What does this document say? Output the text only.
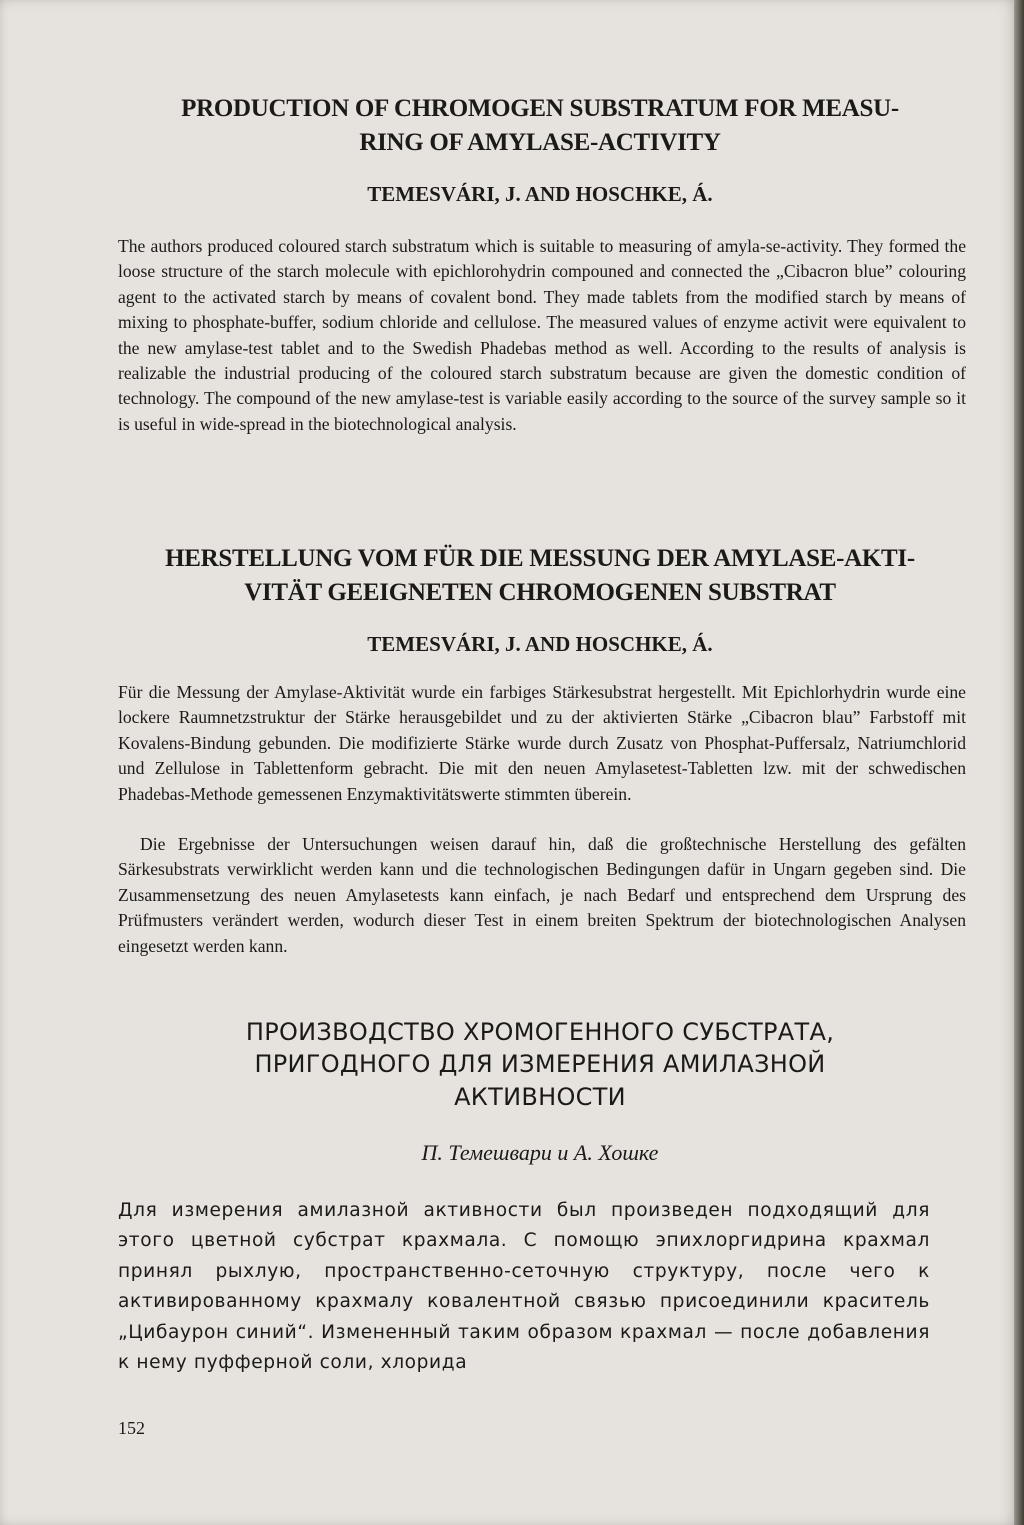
PRODUCTION OF CHROMOGEN SUBSTRATUM FOR MEASU-

RING OF AMYLASE-ACTIVITY

TEMESVÁRI, J. AND HOSCHKE, Á.

The authors produced coloured starch substratum which is suitable to measuring of amyla-se-activity. They formed the loose structure of the starch molecule with epichlorohydrin compouned and connected the „Cibacron blue” colouring agent to the activated starch by means of covalent bond. They made tablets from the modified starch by means of mixing to phosphate-buffer, sodium chloride and cellulose. The measured values of enzyme activit were equivalent to the new amylase-test tablet and to the Swedish Phadebas method as well. According to the results of analysis is realizable the industrial producing of the coloured starch substratum because are given the domestic condition of technology. The compound of the new amylase-test is variable easily according to the source of the survey sample so it is useful in wide-spread in the biotechnological analysis.

HERSTELLUNG VOM FÜR DIE MESSUNG DER AMYLASE-AKTI-

VITÄT GEEIGNETEN CHROMOGENEN SUBSTRAT

TEMESVÁRI, J. AND HOSCHKE, Á.

Für die Messung der Amylase-Aktivität wurde ein farbiges Stärkesubstrat hergestellt. Mit Epichlorhydrin wurde eine lockere Raumnetzstruktur der Stärke herausgebildet und zu der aktivierten Stärke „Cibacron blau” Farbstoff mit Kovalens-Bindung gebunden. Die modifizierte Stärke wurde durch Zusatz von Phosphat-Puffersalz, Natriumchlorid und Zellulose in Tablettenform gebracht. Die mit den neuen Amylasetest-Tabletten lzw. mit der schwedischen Phadebas-Methode gemessenen Enzymaktivitätswerte stimmten überein.

Die Ergebnisse der Untersuchungen weisen darauf hin, daß die großtechnische Herstellung des gefälten Särkesubstrats verwirklicht werden kann und die technologischen Bedingungen dafür in Ungarn gegeben sind. Die Zusammensetzung des neuen Amylasetests kann einfach, je nach Bedarf und entsprechend dem Ursprung des Prüfmusters verändert werden, wodurch dieser Test in einem breiten Spektrum der biotechnologischen Analysen eingesetzt werden kann.

ПРОИЗВОДСТВО ХРОМОГЕННОГО СУБСТРАТА,

ПРИГОДНОГО ДЛЯ ИЗМЕРЕНИЯ АМИЛАЗНОЙ

АКТИВНОСТИ

П. Темешвари и А. Хошке

Для измерения амилазной активности был произведен подходящий для этого цветной субстрат крахмала. С помощю эпихлоргидрина крахмал принял рыхлую, пространственно-сеточную структуру, после чего к активированному крахмалу ковалентной связью присоединили краситель „Цибаурон синий“. Измененный таким образом крахмал — после добавления к нему пуфферной соли, хлорида

152
